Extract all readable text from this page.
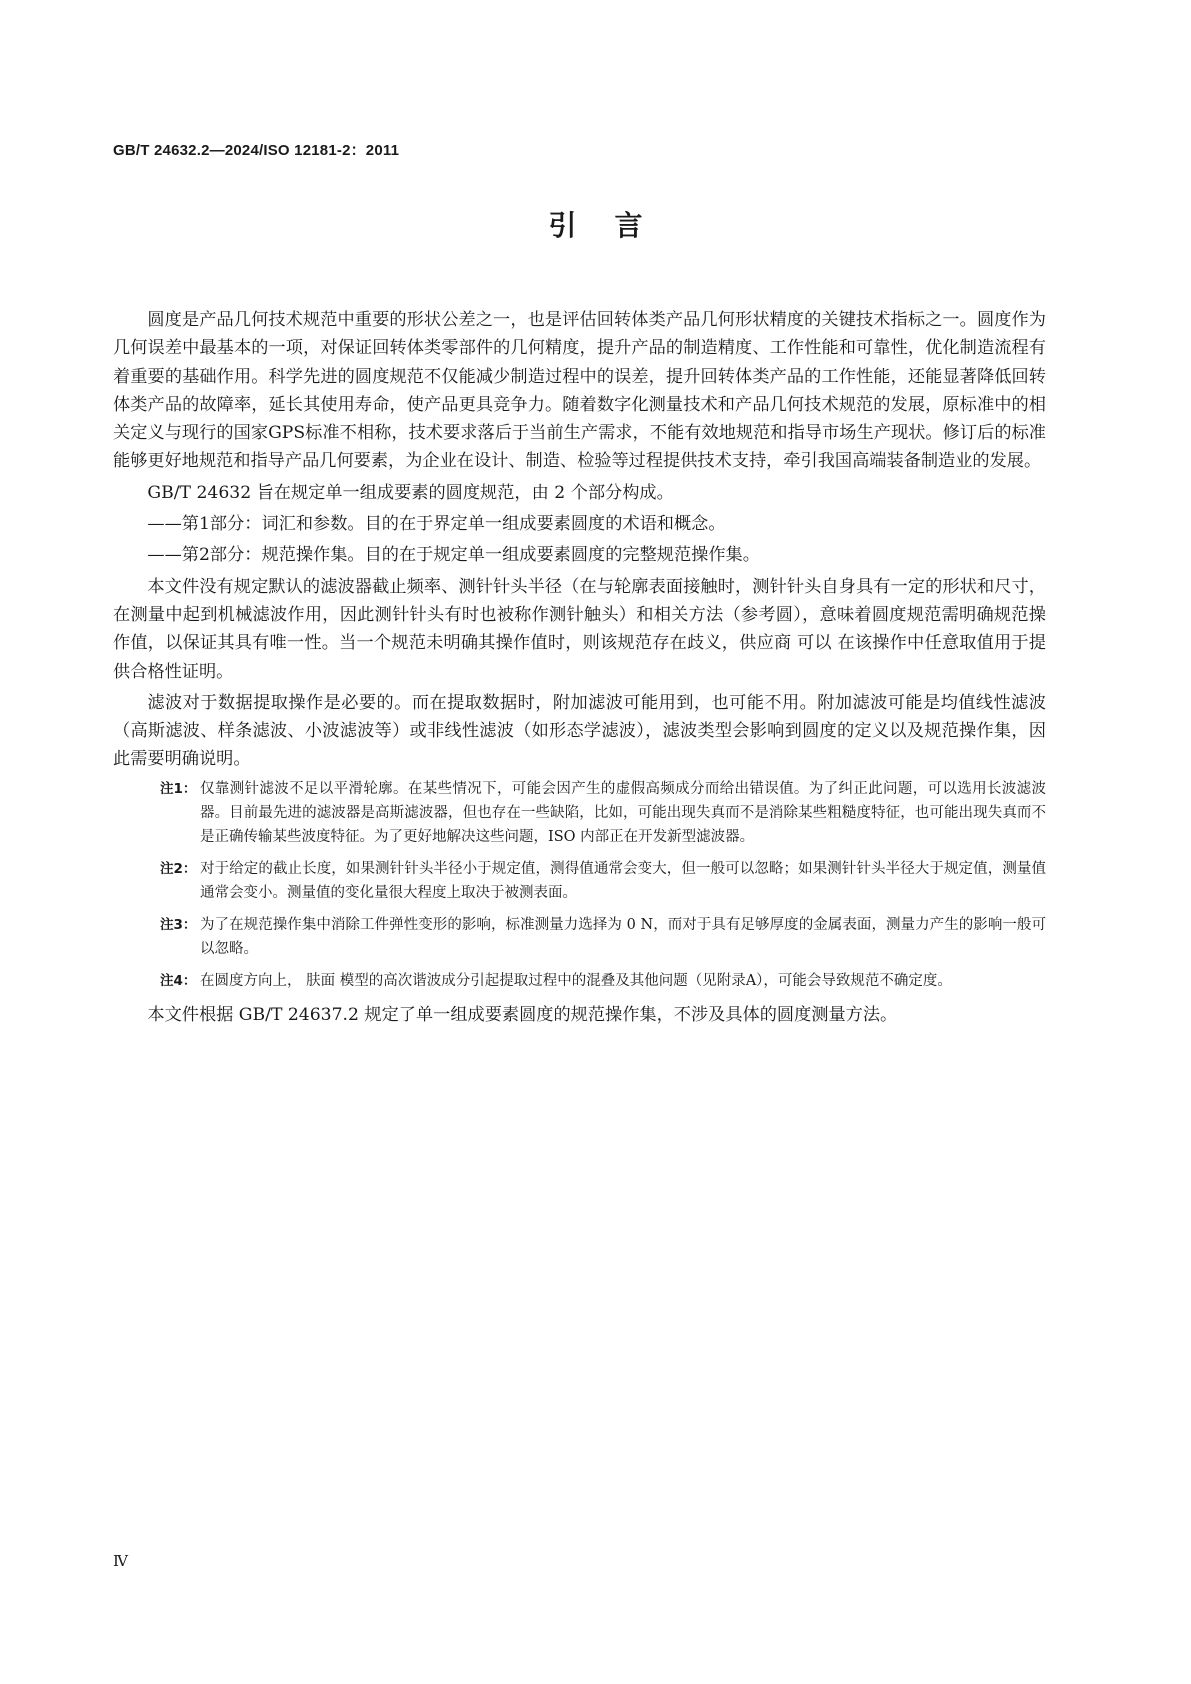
GB/T 24632.2—2024/ISO 12181-2：2011
引言

圆度是产品几何技术规范中重要的形状公差之一，也是评估回转体类产品几何形状精度的关键技术指标之一。圆度作为几何误差中最基本的一项，对保证回转体类零部件的几何精度，提升产品的制造精度、工作性能和可靠性，优化制造流程有着重要的基础作用。科学先进的圆度规范不仅能减少制造过程中的误差，提升回转体类产品的工作性能，还能显著降低回转体类产品的故障率，延长其使用寿命，使产品更具竞争力。随着数字化测量技术和产品几何技术规范的发展，原标准中的相关定义与现行的国家GPS标准不相称，技术要求落后于当前生产需求，不能有效地规范和指导市场生产现状。修订后的标准能够更好地规范和指导产品几何要素，为企业在设计、制造、检验等过程提供技术支持，牵引我国高端装备制造业的发展。

GB/T 24632 旨在规定单一组成要素的圆度规范，由 2 个部分构成。

——第1部分：词汇和参数。目的在于界定单一组成要素圆度的术语和概念。

——第2部分：规范操作集。目的在于规定单一组成要素圆度的完整规范操作集。

本文件没有规定默认的滤波器截止频率、测针针头半径（在与轮廓表面接触时，测针针头自身具有一定的形状和尺寸，在测量中起到机械滤波作用，因此测针针头有时也被称作测针触头）和相关方法（参考圆），意味着圆度规范需明确规范操作值，以保证其具有唯一性。当一个规范未明确其操作值时，则该规范存在歧义，供应商 可以 在该操作中任意取值用于提供合格性证明。

滤波对于数据提取操作是必要的。而在提取数据时，附加滤波可能用到，也可能不用。附加滤波可能是均值线性滤波（高斯滤波、样条滤波、小波滤波等）或非线性滤波（如形态学滤波），滤波类型会影响到圆度的定义以及规范操作集，因此需要明确说明。

注1： 仅靠测针滤波不足以平滑轮廓。在某些情况下，可能会因产生的虚假高频成分而给出错误值。为了纠正此问题，可以选用长波滤波器。目前最先进的滤波器是高斯滤波器，但也存在一些缺陷，比如，可能出现失真而不是消除某些粗糙度特征，也可能出现失真而不是正确传输某些波度特征。为了更好地解决这些问题，ISO 内部正在开发新型滤波器。
注2： 对于给定的截止长度，如果测针针头半径小于规定值，测得值通常会变大，但一般可以忽略；如果测针针头半径大于规定值，测量值通常会变小。测量值的变化量很大程度上取决于被测表面。
注3： 为了在规范操作集中消除工件弹性变形的影响，标准测量力选择为 0 N，而对于具有足够厚度的金属表面，测量力产生的影响一般可以忽略。
注4： 在圆度方向上， 肤面 模型的高次谐波成分引起提取过程中的混叠及其他问题（见附录A），可能会导致规范不确定度。

本文件根据 GB/T 24637.2 规定了单一组成要素圆度的规范操作集，不涉及具体的圆度测量方法。

Ⅳ
